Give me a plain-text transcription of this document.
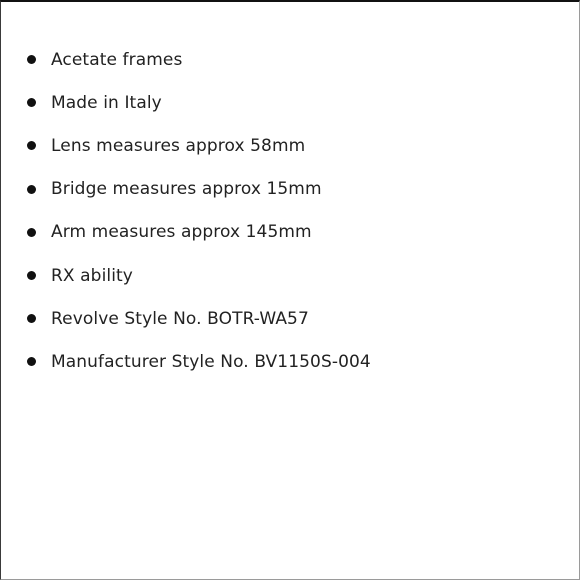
Acetate frames
Made in Italy
Lens measures approx 58mm
Bridge measures approx 15mm
Arm measures approx 145mm
RX ability
Revolve Style No. BOTR-WA57
Manufacturer Style No. BV1150S-004
